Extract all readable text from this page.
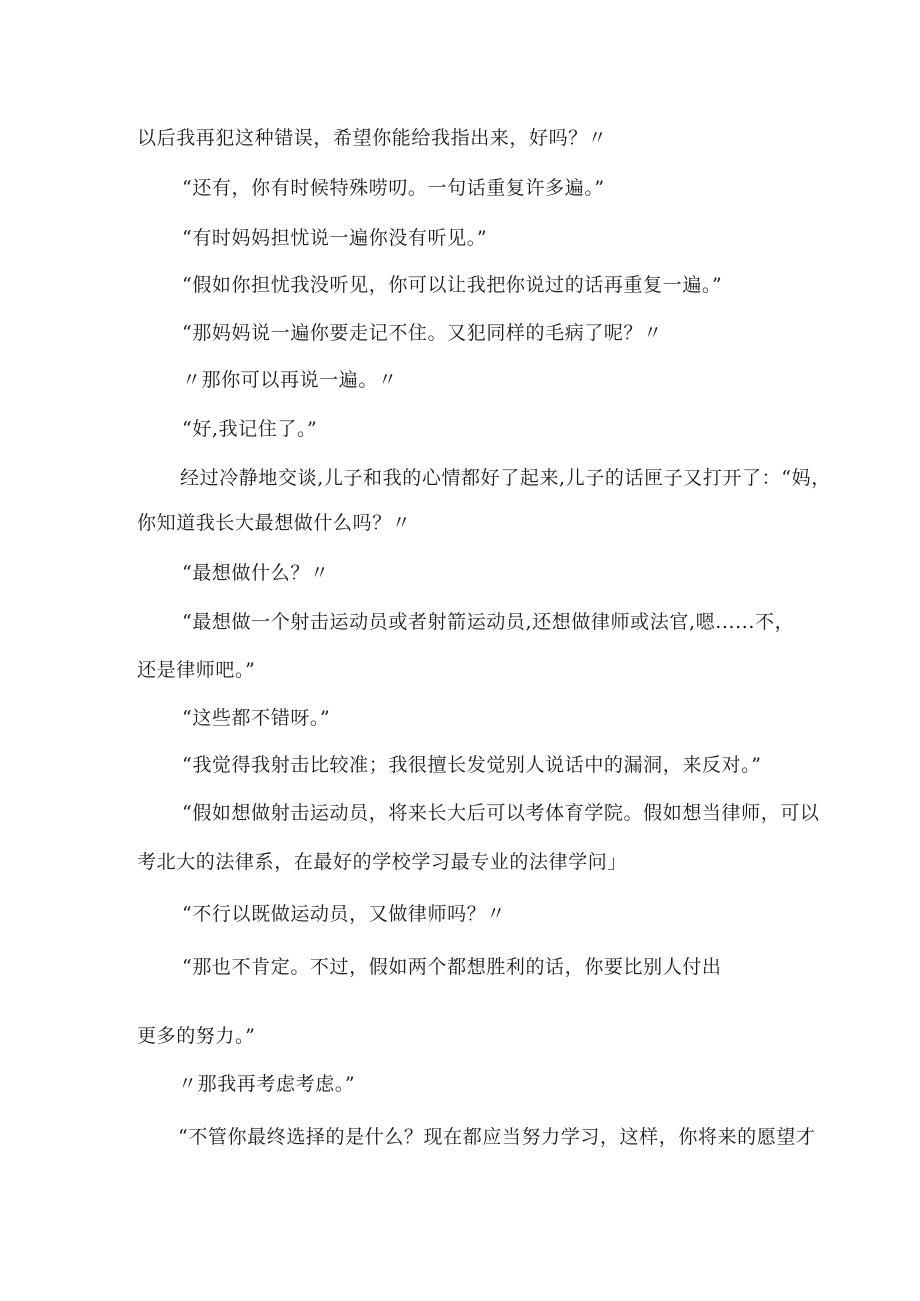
以后我再犯这种错误，希望你能给我指出来，好吗？〃
“还有，你有时候特殊唠叨。一句话重复许多遍。”
“有时妈妈担忧说一遍你没有听见。”
“假如你担忧我没听见，你可以让我把你说过的话再重复一遍。”
“那妈妈说一遍你要走记不住。又犯同样的毛病了呢？〃
〃那你可以再说一遍。〃
“好,我记住了。”
经过冷静地交谈,儿子和我的心情都好了起来,儿子的话匣子又打开了：“妈，
你知道我长大最想做什么吗？〃
“最想做什么？〃
“最想做一个射击运动员或者射箭运动员,还想做律师或法官,嗯......不，
还是律师吧。”
“这些都不错呀。”
“我觉得我射击比较准；我很擅长发觉别人说话中的漏洞，来反对。”
“假如想做射击运动员，将来长大后可以考体育学院。假如想当律师，可以
考北大的法律系，在最好的学校学习最专业的法律学问」
“不行以既做运动员，又做律师吗？〃
“那也不肯定。不过，假如两个都想胜利的话，你要比别人付出
更多的努力。”
〃那我再考虑考虑。”
“不管你最终选择的是什么？现在都应当努力学习，这样，你将来的愿望才
